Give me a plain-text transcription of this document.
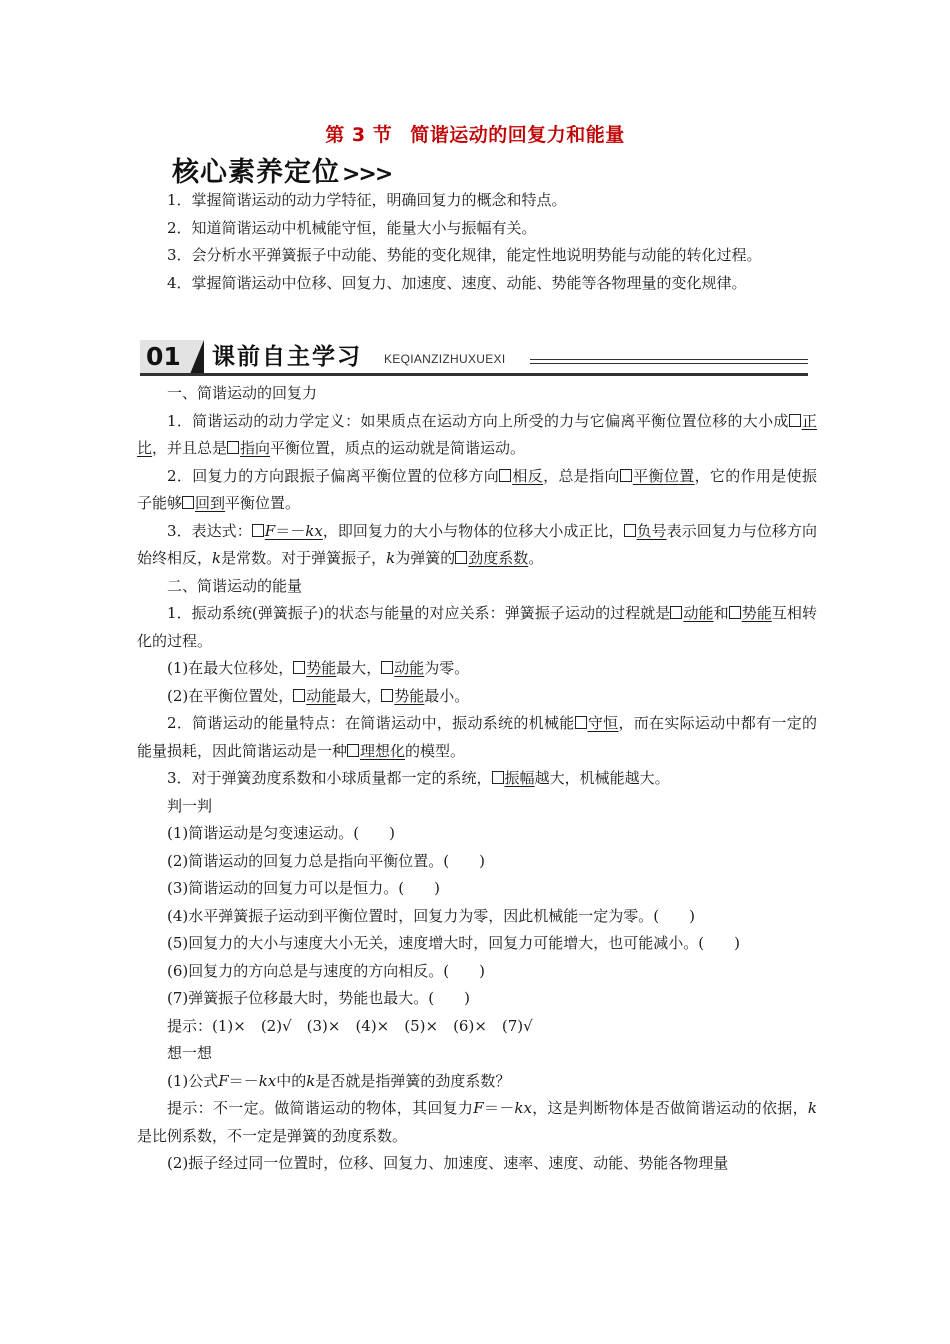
第 3 节 简谐运动的回复力和能量
核心素养定位>>>

1．掌握简谐运动的动力学特征，明确回复力的概念和特点。

2．知道简谐运动中机械能守恒，能量大小与振幅有关。

3．会分析水平弹簧振子中动能、势能的变化规律，能定性地说明势能与动能的转化过程。

4．掌握简谐运动中位移、回复力、加速度、速度、动能、势能等各物理量的变化规律。

01	课前自主学习 KEQIANZIZHUXUEXI

一、简谐运动的回复力

1．简谐运动的动力学定义：如果质点在运动方向上所受的力与它偏离平衡位置位移的大小成 正比，并且总是 指向平衡位置，质点的运动就是简谐运动。

2．回复力的方向跟振子偏离平衡位置的位移方向 相反，总是指向 平衡位置，它的作用是使振子能够 回到平衡位置。

3．表达式： F＝－kx，即回复力的大小与物体的位移大小成正比， 负号表示回复力与位移方向始终相反，k是常数。对于弹簧振子，k为弹簧的 劲度系数。

二、简谐运动的能量

1．振动系统(弹簧振子)的状态与能量的对应关系：弹簧振子运动的过程就是 动能和 势能互相转化的过程。

(1)在最大位移处， 势能最大， 动能为零。

(2)在平衡位置处， 动能最大， 势能最小。

2．简谐运动的能量特点：在简谐运动中，振动系统的机械能 守恒，而在实际运动中都有一定的能量损耗，因此简谐运动是一种 理想化的模型。

3．对于弹簧劲度系数和小球质量都一定的系统， 振幅越大，机械能越大。

判一判

(1)简谐运动是匀变速运动。(　　)

(2)简谐运动的回复力总是指向平衡位置。(　　)

(3)简谐运动的回复力可以是恒力。(　　)

(4)水平弹簧振子运动到平衡位置时，回复力为零，因此机械能一定为零。(　　)

(5)回复力的大小与速度大小无关，速度增大时，回复力可能增大，也可能减小。(　　)

(6)回复力的方向总是与速度的方向相反。(　　)

(7)弹簧振子位移最大时，势能也最大。(　　)

提示：(1)×　(2)√　(3)×　(4)×　(5)×　(6)×　(7)√

想一想

(1)公式F＝－kx中的k是否就是指弹簧的劲度系数？

提示：不一定。做简谐运动的物体，其回复力F＝－kx，这是判断物体是否做简谐运动的依据，k是比例系数，不一定是弹簧的劲度系数。

(2)振子经过同一位置时，位移、回复力、加速度、速率、速度、动能、势能各物理量
